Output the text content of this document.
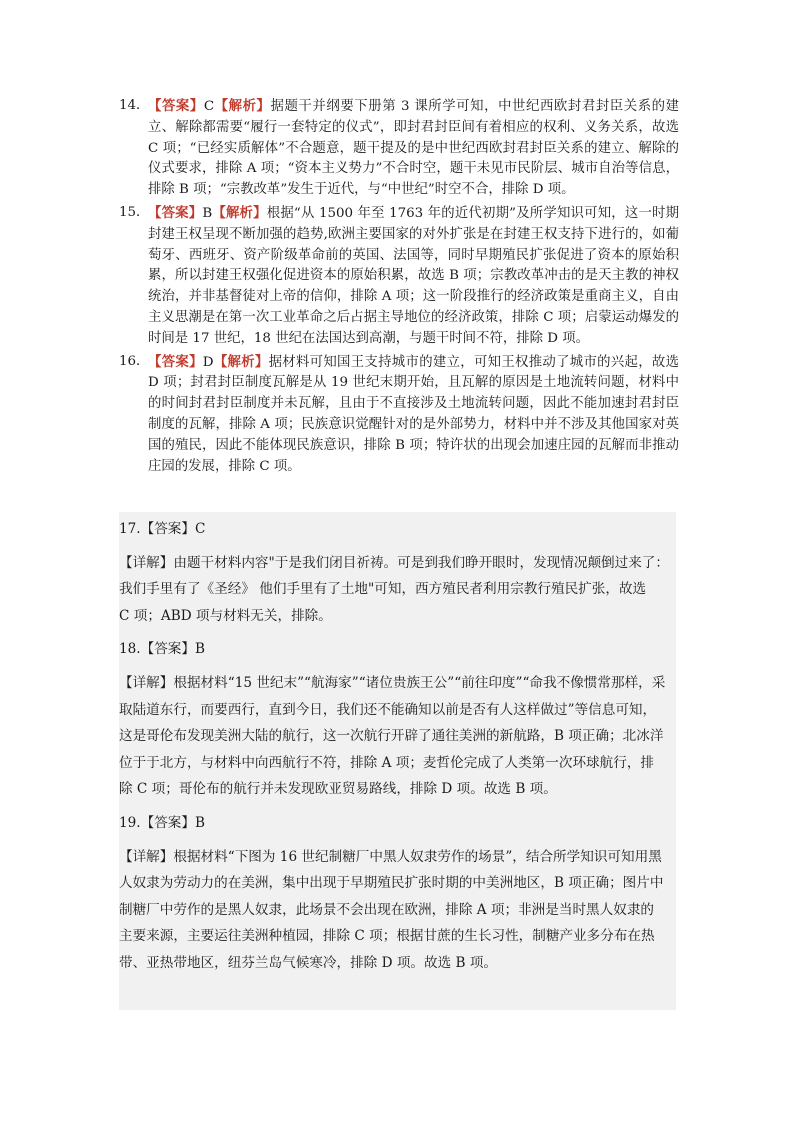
14．
【答案】C【解析】据题干并纲要下册第 3 课所学可知，中世纪西欧封君封臣关系的建立、解除都需要“履行一套特定的仪式”，即封君封臣间有着相应的权利、义务关系，故选 C 项；“已经实质解体”不合题意，题干提及的是中世纪西欧封君封臣关系的建立、解除的仪式要求，排除 A 项；“资本主义势力”不合时空，题干未见市民阶层、城市自治等信息，排除 B 项；“宗教改革”发生于近代，与“中世纪”时空不合，排除 D 项。
15．
【答案】B【解析】根据“从 1500 年至 1763 年的近代初期”及所学知识可知，这一时期封建王权呈现不断加强的趋势,欧洲主要国家的对外扩张是在封建王权支持下进行的，如葡萄牙、西班牙、资产阶级革命前的英国、法国等，同时早期殖民扩张促进了资本的原始积累，所以封建王权强化促进资本的原始积累，故选 B 项；宗教改革冲击的是天主教的神权统治，并非基督徒对上帝的信仰，排除 A 项；这一阶段推行的经济政策是重商主义，自由主义思潮是在第一次工业革命之后占据主导地位的经济政策，排除 C 项；启蒙运动爆发的时间是 17 世纪，18 世纪在法国达到高潮，与题干时间不符，排除 D 项。
16．
【答案】D【解析】据材料可知国王支持城市的建立，可知王权推动了城市的兴起，故选 D 项；封君封臣制度瓦解是从 19 世纪末期开始，且瓦解的原因是土地流转问题，材料中的时间封君封臣制度并未瓦解，且由于不直接涉及土地流转问题，因此不能加速封君封臣制度的瓦解，排除 A 项；民族意识觉醒针对的是外部势力，材料中并不涉及其他国家对英国的殖民，因此不能体现民族意识，排除 B 项；特许状的出现会加速庄园的瓦解而非推动庄园的发展，排除 C 项。
17.【答案】C
【详解】由题干材料内容"于是我们闭目祈祷。可是到我们睁开眼时，发现情况颠倒过来了：
我们手里有了《圣经》 他们手里有了土地"可知，西方殖民者利用宗教行殖民扩张，故选
C 项；ABD 项与材料无关，排除。
18.【答案】B
【详解】根据材料“15 世纪末”“航海家”“诸位贵族王公”“前往印度”“命我不像惯常那样，采
取陆道东行，而要西行，直到今日，我们还不能确知以前是否有人这样做过”等信息可知，
这是哥伦布发现美洲大陆的航行，这一次航行开辟了通往美洲的新航路，B 项正确；北冰洋
位于于北方，与材料中向西航行不符，排除 A 项；麦哲伦完成了人类第一次环球航行，排
除 C 项；哥伦布的航行并未发现欧亚贸易路线，排除 D 项。故选 B 项。
19.【答案】B
【详解】根据材料“下图为 16 世纪制糖厂中黑人奴隶劳作的场景”，结合所学知识可知用黑
人奴隶为劳动力的在美洲，集中出现于早期殖民扩张时期的中美洲地区，B 项正确；图片中
制糖厂中劳作的是黑人奴隶，此场景不会出现在欧洲，排除 A 项；非洲是当时黑人奴隶的
主要来源，主要运往美洲种植园，排除 C 项；根据甘蔗的生长习性，制糖产业多分布在热
带、亚热带地区，纽芬兰岛气候寒冷，排除 D 项。故选 B 项。
